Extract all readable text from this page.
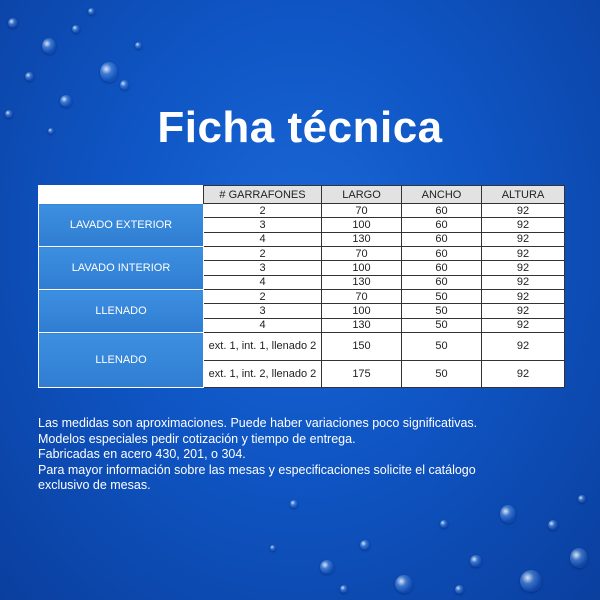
Ficha técnica
	# GARRAFONES	LARGO	ANCHO	ALTURA
LAVADO EXTERIOR	2	70	60	92
	3	100	60	92
	4	130	60	92
LAVADO INTERIOR	2	70	60	92
	3	100	60	92
	4	130	60	92
LLENADO	2	70	50	92
	3	100	50	92
	4	130	50	92
LLENADO	ext. 1, int. 1, llenado 2	150	50	92
	ext. 1, int. 2, llenado 2	175	50	92
Las medidas son aproximaciones. Puede haber variaciones poco significativas.
Modelos especiales pedir cotización y tiempo de entrega.
Fabricadas en acero 430, 201, o 304.
Para mayor información sobre las mesas y especificaciones solicite el catálogo
exclusivo de mesas.
